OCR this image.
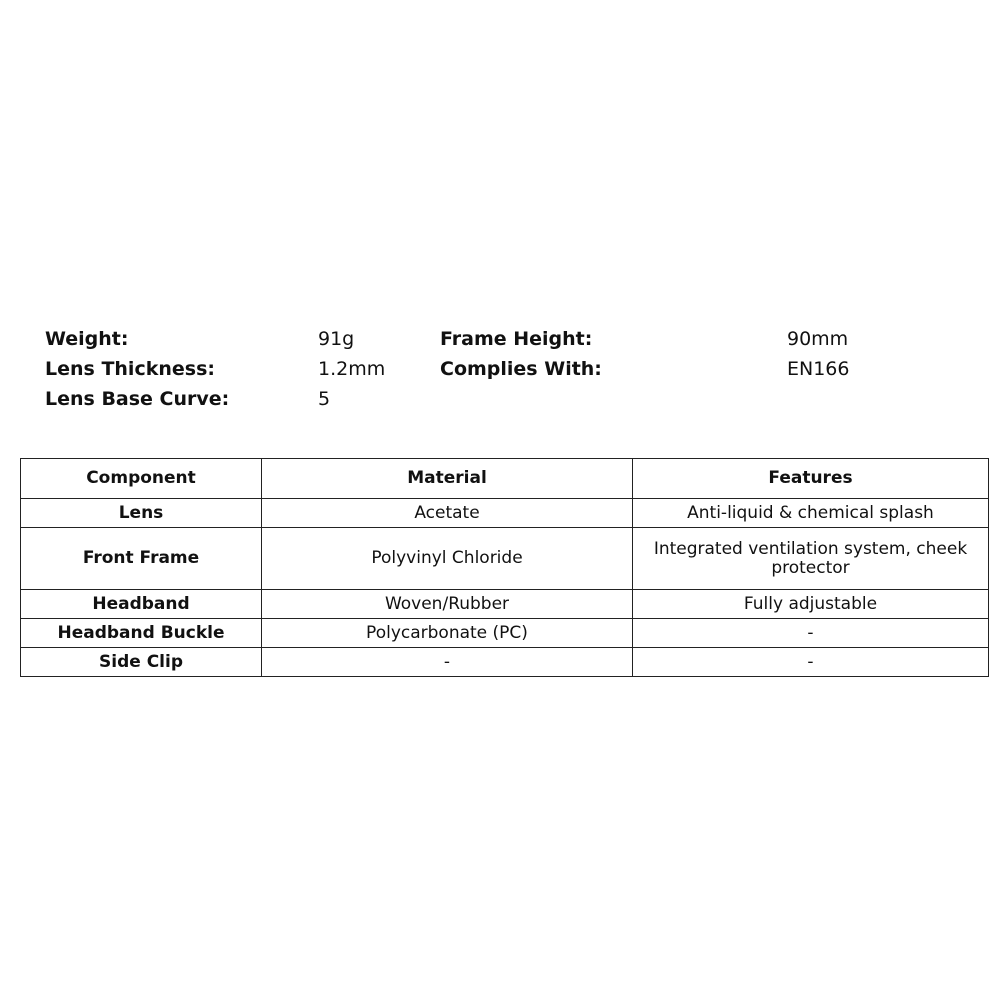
Weight:	91g
Lens Thickness:	1.2mm
Lens Base Curve:	5
Frame Height:	90mm
Complies With:	EN166
Component	Material	Features
Lens	Acetate	Anti-liquid & chemical splash
Front Frame	Polyvinyl Chloride	Integrated ventilation system, cheek protector
Headband	Woven/Rubber	Fully adjustable
Headband Buckle	Polycarbonate (PC)	-
Side Clip	-	-
